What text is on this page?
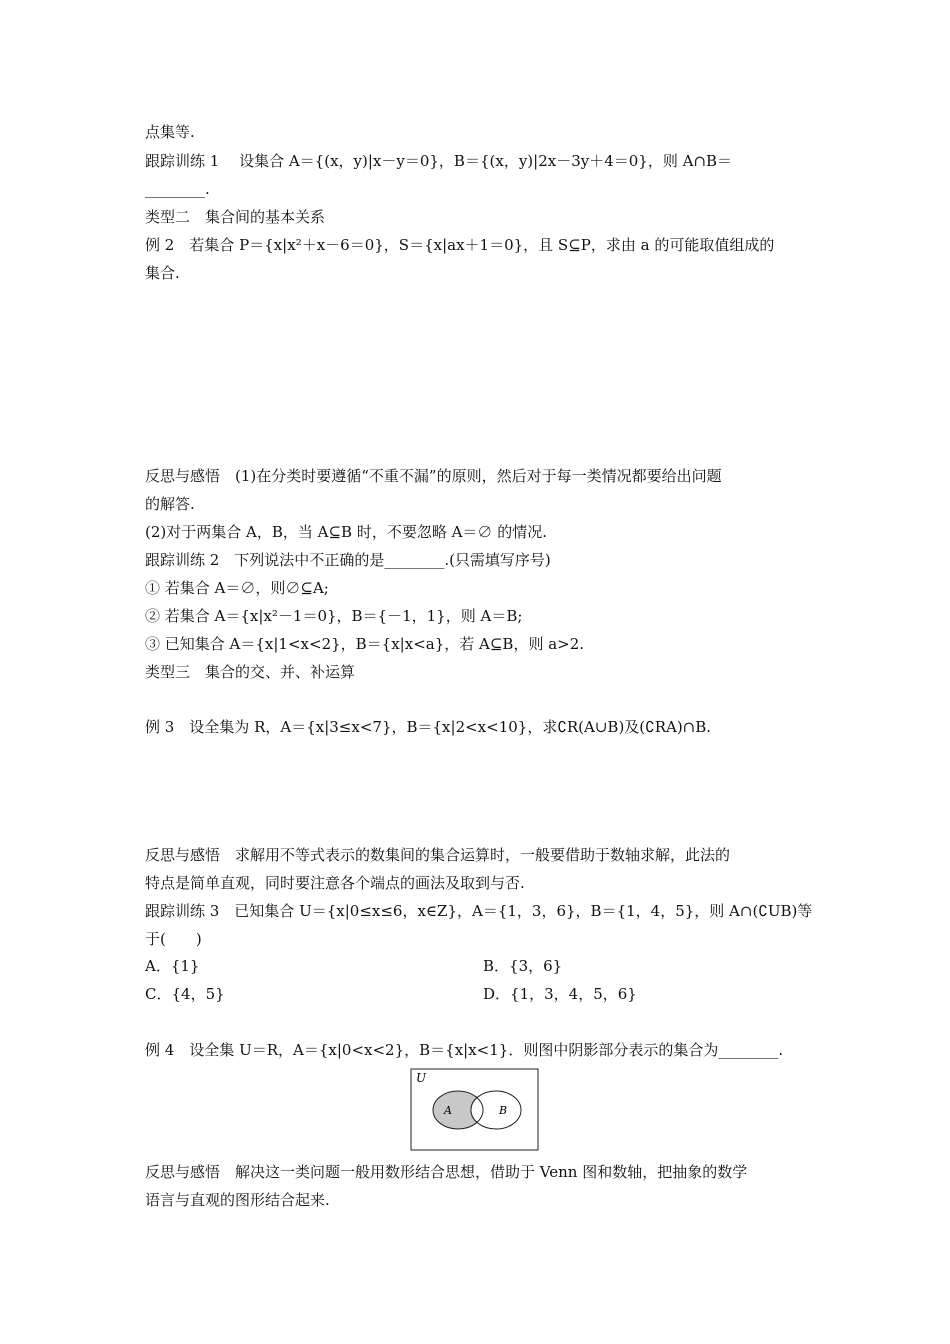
点集等.
跟踪训练 1　 设集合 A＝{(x，y)|x－y＝0}，B＝{(x，y)|2x－3y＋4＝0}，则 A∩B＝
________.
类型二　集合间的基本关系
例 2　若集合 P＝{x|x²＋x－6＝0}，S＝{x|ax＋1＝0}，且 S⊆P，求由 a 的可能取值组成的
集合.
反思与感悟　(1)在分类时要遵循“不重不漏”的原则，然后对于每一类情况都要给出问题
的解答.
(2)对于两集合 A，B，当 A⊆B 时，不要忽略 A＝∅ 的情况.
跟踪训练 2　下列说法中不正确的是________.(只需填写序号)
① 若集合 A＝∅，则∅⊆A;
② 若集合 A＝{x|x²－1＝0}，B＝{－1，1}，则 A＝B;
③ 已知集合 A＝{x|1<x<2}，B＝{x|x<a}，若 A⊆B，则 a>2.
类型三　集合的交、并、补运算
例 3　设全集为 R，A＝{x|3≤x<7}，B＝{x|2<x<10}，求∁R(A∪B)及(∁RA)∩B.
反思与感悟　求解用不等式表示的数集间的集合运算时，一般要借助于数轴求解，此法的
特点是简单直观，同时要注意各个端点的画法及取到与否.
跟踪训练 3　已知集合 U＝{x|0≤x≤6，x∈Z}，A＝{1，3，6}，B＝{1，4，5}，则 A∩(∁UB)等
于(　　)
A．{1}	B．{3，6}
C．{4，5}	D．{1，3，4，5，6}
例 4　设全集 U＝R，A＝{x|0<x<2}，B＝{x|x<1}．则图中阴影部分表示的集合为________.
U
A	B
反思与感悟　解决这一类问题一般用数形结合思想，借助于 Venn 图和数轴，把抽象的数学
语言与直观的图形结合起来.
